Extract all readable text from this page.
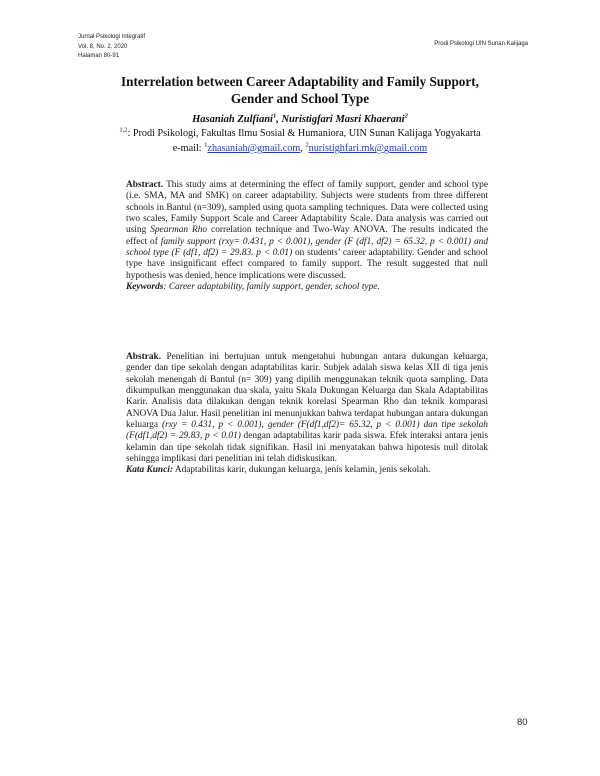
Jurnal Psikologi Integratif
Vol. 8, No. 2, 2020
Halaman 80-91
Prodi Psikologi UIN Sunan Kalijaga
Interrelation between Career Adaptability and Family Support,
Gender and School Type
Hasaniah Zulfiani$^1$, Nuristigfari Masri Khaerani$^2$
$^{1,2}$: Prodi Psikologi, Fakultas Ilmu Sosial & Humaniora, UIN Sunan Kalijaga Yogyakarta
e-mail: $^1$zhasaniah@gmail.com, $^2$nuristighfari.mk@gmail.com

Abstract. This study aims at determining the effect of family support, gender and school type (i.e. SMA, MA and SMK) on career adaptability. Subjects were students from three different schools in Bantul (n=309), sampled using quota sampling techniques. Data were collected using two scales, Family Support Scale and Career Adaptability Scale. Data analysis was carried out using Spearman Rho correlation technique and Two-Way ANOVA. The results indicated the effect of family support (rxy= 0.431, p < 0.001), gender (F (df1, df2) = 65.32, p < 0.001) and school type (F (df1, df2) = 29.83. p < 0.01) on students’ career adaptability. Gender and school type have insignificant effect compared to family support. The result suggested that null hypothesis was denied, hence implications were discussed.

Keywords: Career adaptability, family support, gender, school type.

Abstrak. Penelitian ini bertujuan untuk mengetahui hubungan antara dukungan keluarga, gender dan tipe sekolah dengan adaptabilitas karir. Subjek adalah siswa kelas XII di tiga jenis sekolah menengah di Bantul (n= 309) yang dipilih menggunakan teknik quota sampling. Data dikumpulkan menggunakan dua skala, yaitu Skala Dukungan Keluarga dan Skala Adaptabilitas Karir. Analisis data dilakukan dengan teknik korelasi Spearman Rho dan teknik komparasi ANOVA Dua Jalur. Hasil penelitian ini menunjukkan bahwa terdapat hubungan antara dukungan keluarga (rxy = 0.431, p < 0.001), gender (F(df1,df2)= 65.32, p < 0.001) dan tipe sekolah (F(df1,df2) = 29.83, p < 0.01) dengan adaptabilitas karir pada siswa. Efek interaksi antara jenis kelamin dan tipe sekolah tidak signifikan. Hasil ini menyatakan bahwa hipotesis null ditolak sehingga implikasi dari penelitian ini telah didiskusikan.

Kata Kunci: Adaptabilitas karir, dukungan keluarga, jenis kelamin, jenis sekolah.

80
